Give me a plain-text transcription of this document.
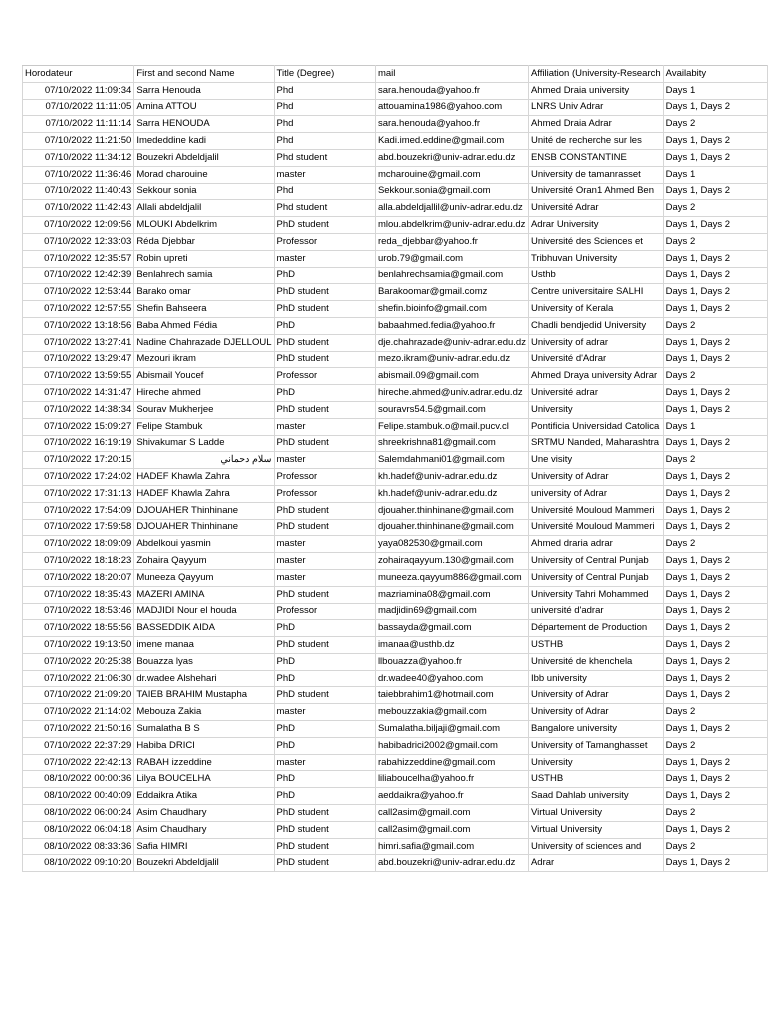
Horodateur	First and second Name	Title (Degree)	mail	Affiliation (University-Research	Availabity
07/10/2022 11:09:34	Sarra Henouda	Phd	sara.henouda@yahoo.fr	Ahmed Draia university	Days 1
07/10/2022 11:11:05	Amina ATTOU	Phd	attouamina1986@yahoo.com	LNRS Univ Adrar	Days 1, Days 2
07/10/2022 11:11:14	Sarra HENOUDA	Phd	sara.henouda@yahoo.fr	Ahmed Draia Adrar	Days 2
07/10/2022 11:21:50	Imededdine kadi	Phd	Kadi.imed.eddine@gmail.com	Unité de recherche sur les	Days 1, Days 2
07/10/2022 11:34:12	Bouzekri Abdeldjalil	Phd student	abd.bouzekri@univ-adrar.edu.dz	ENSB CONSTANTINE	Days 1, Days 2
07/10/2022 11:36:46	Morad charouine	master	mcharouine@gmail.com	University de tamanrasset	Days 1
07/10/2022 11:40:43	Sekkour sonia	Phd	Sekkour.sonia@gmail.com	Université Oran1 Ahmed Ben	Days 1, Days 2
07/10/2022 11:42:43	Allali abdeldjalil	Phd student	alla.abdeldjallil@univ-adrar.edu.dz	Université Adrar	Days 2
07/10/2022 12:09:56	MLOUKI Abdelkrim	PhD student	mlou.abdelkrim@univ-adrar.edu.dz	Adrar University	Days 1, Days 2
07/10/2022 12:33:03	Réda Djebbar	Professor	reda_djebbar@yahoo.fr	Université des Sciences et	Days 2
07/10/2022 12:35:57	Robin upreti	master	urob.79@gmail.com	Tribhuvan University	Days 1, Days 2
07/10/2022 12:42:39	Benlahrech samia	PhD	benlahrechsamia@gmail.com	Usthb	Days 1, Days 2
07/10/2022 12:53:44	Barako omar	PhD student	Barakoomar@gmail.comz	Centre universitaire SALHI	Days 1, Days 2
07/10/2022 12:57:55	Shefin Bahseera	PhD student	shefin.bioinfo@gmail.com	University of Kerala	Days 1, Days 2
07/10/2022 13:18:56	Baba Ahmed Fédia	PhD	babaahmed.fedia@yahoo.fr	Chadli bendjedid University	Days 2
07/10/2022 13:27:41	Nadine Chahrazade DJELLOUL	PhD student	dje.chahrazade@univ-adrar.edu.dz	University of adrar	Days 1, Days 2
07/10/2022 13:29:47	Mezouri ikram	PhD student	mezo.ikram@univ-adrar.edu.dz	Université d'Adrar	Days 1, Days 2
07/10/2022 13:59:55	Abismail Youcef	Professor	abismail.09@gmail.com	Ahmed Draya university Adrar	Days 2
07/10/2022 14:31:47	Hireche ahmed	PhD	hireche.ahmed@univ.adrar.edu.dz	Université adrar	Days 1, Days 2
07/10/2022 14:38:34	Sourav Mukherjee	PhD student	souravrs54.5@gmail.com	University	Days 1, Days 2
07/10/2022 15:09:27	Felipe Stambuk	master	Felipe.stambuk.o@mail.pucv.cl	Pontificia Universidad Catolica	Days 1
07/10/2022 16:19:19	Shivakumar S Ladde	PhD student	shreekrishna81@gmail.com	SRTMU Nanded, Maharashtra	Days 1, Days 2
07/10/2022 17:20:15	سلام دحماني	master	Salemdahmani01@gmail.com	Une visity	Days 2
07/10/2022 17:24:02	HADEF Khawla Zahra	Professor	kh.hadef@univ-adrar.edu.dz	University of Adrar	Days 1, Days 2
07/10/2022 17:31:13	HADEF Khawla Zahra	Professor	kh.hadef@univ-adrar.edu.dz	university of Adrar	Days 1, Days 2
07/10/2022 17:54:09	DJOUAHER Thinhinane	PhD student	djouaher.thinhinane@gmail.com	Université Mouloud Mammeri	Days 1, Days 2
07/10/2022 17:59:58	DJOUAHER Thinhinane	PhD student	djouaher.thinhinane@gmail.com	Université Mouloud Mammeri	Days 1, Days 2
07/10/2022 18:09:09	Abdelkoui yasmin	master	yaya082530@gmail.com	Ahmed draria adrar	Days 2
07/10/2022 18:18:23	Zohaira Qayyum	master	zohairaqayyum.130@gmail.com	University of Central Punjab	Days 1, Days 2
07/10/2022 18:20:07	Muneeza Qayyum	master	muneeza.qayyum886@gmail.com	University of Central Punjab	Days 1, Days 2
07/10/2022 18:35:43	MAZERI AMINA	PhD student	mazriamina08@gmail.com	University Tahri Mohammed	Days 1, Days 2
07/10/2022 18:53:46	MADJIDI Nour el houda	Professor	madjidin69@gmail.com	université d'adrar	Days 1, Days 2
07/10/2022 18:55:56	BASSEDDIK AIDA	PhD	bassayda@gmail.com	Département de Production	Days 1, Days 2
07/10/2022 19:13:50	imene manaa	PhD student	imanaa@usthb.dz	USTHB	Days 1, Days 2
07/10/2022 20:25:38	Bouazza lyas	PhD	llbouazza@yahoo.fr	Université de khenchela	Days 1, Days 2
07/10/2022 21:06:30	dr.wadee Alshehari	PhD	dr.wadee40@yahoo.com	Ibb university	Days 1, Days 2
07/10/2022 21:09:20	TAIEB BRAHIM Mustapha	PhD student	taiebbrahim1@hotmail.com	University of Adrar	Days 1, Days 2
07/10/2022 21:14:02	Mebouza Zakia	master	mebouzzakia@gmail.com	University of Adrar	Days 2
07/10/2022 21:50:16	Sumalatha B S	PhD	Sumalatha.biljaji@gmail.com	Bangalore university	Days 1, Days 2
07/10/2022 22:37:29	Habiba DRICI	PhD	habibadrici2002@gmail.com	University of Tamanghasset	Days 2
07/10/2022 22:42:13	RABAH izzeddine	master	rabahizzeddine@gmail.com	University	Days 1, Days 2
08/10/2022 00:00:36	Lilya BOUCELHA	PhD	liliaboucelha@yahoo.fr	USTHB	Days 1, Days 2
08/10/2022 00:40:09	Eddaikra Atika	PhD	aeddaikra@yahoo.fr	Saad Dahlab university	Days 1, Days 2
08/10/2022 06:00:24	Asim Chaudhary	PhD student	call2asim@gmail.com	Virtual University	Days 2
08/10/2022 06:04:18	Asim Chaudhary	PhD student	call2asim@gmail.com	Virtual University	Days 1, Days 2
08/10/2022 08:33:36	Safia HIMRI	PhD student	himri.safia@gmail.com	University of sciences and	Days 2
08/10/2022 09:10:20	Bouzekri Abdeldjalil	PhD student	abd.bouzekri@univ-adrar.edu.dz	Adrar	Days 1, Days 2
